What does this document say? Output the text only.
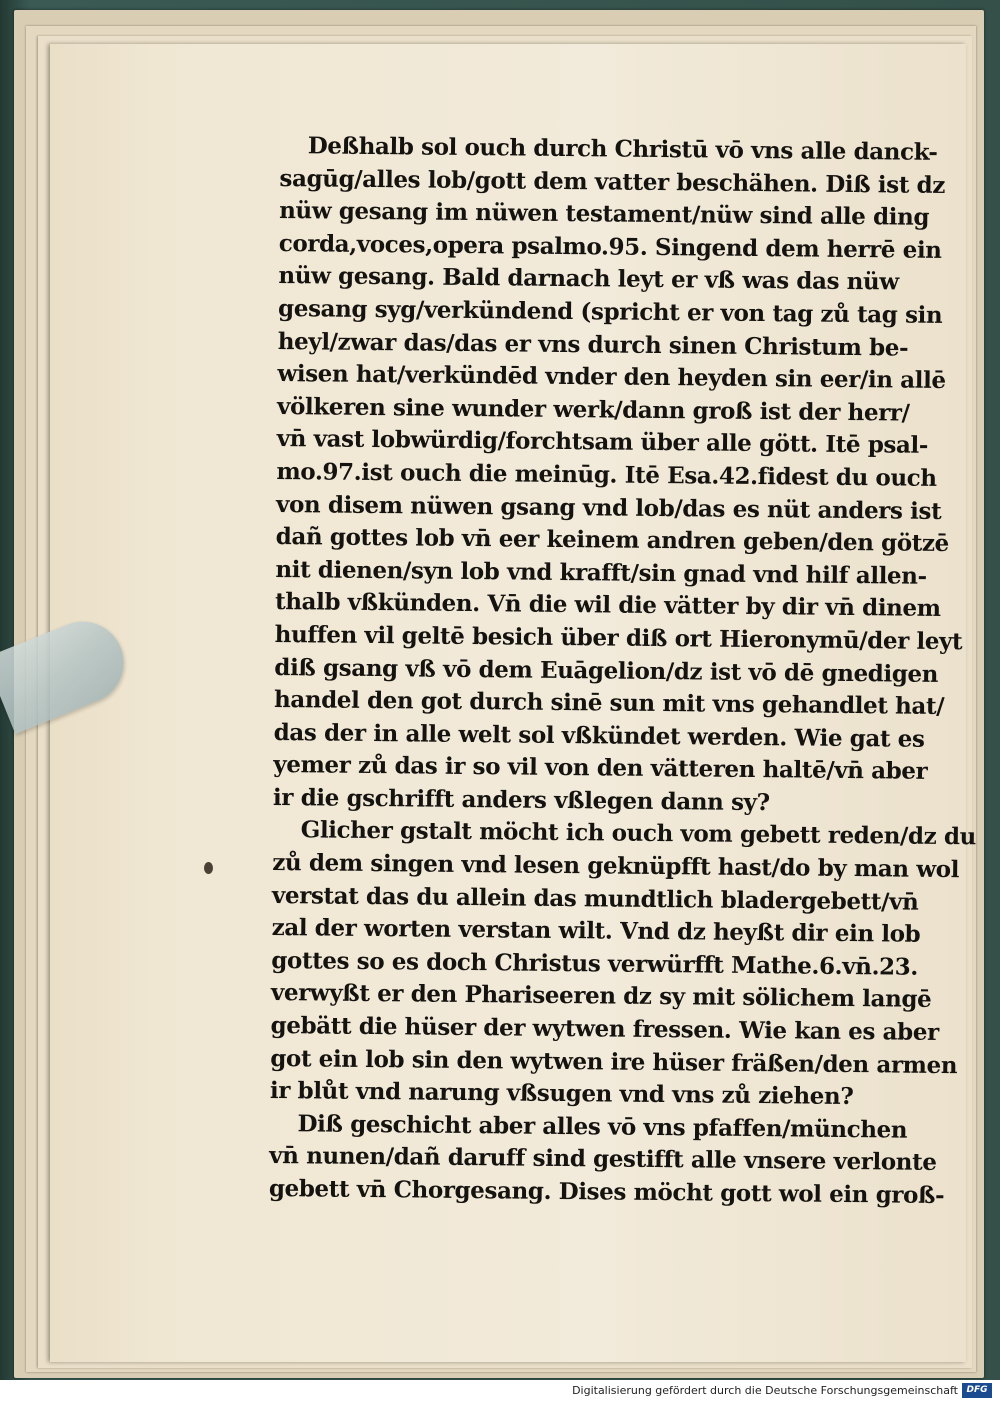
Deßhalb sol ouch durch Christū vō vns alle danck-
sagūg/alles lob/gott dem vatter beschähen. Diß ist dz
nüw gesang im nüwen testament/nüw sind alle ding
corda,voces,opera psalmo.95. Singend dem herrē ein
nüw gesang. Bald darnach leyt er vß was das nüw
gesang syg/verkündend (spricht er von tag zů tag sin
heyl/zwar das/das er vns durch sinen Christum be-
wisen hat/verkündēd vnder den heyden sin eer/in allē
völkeren sine wunder werk/dann groß ist der herr/
vn̄ vast lobwürdig/forchtsam über alle gött. Itē psal-
mo.97.ist ouch die meinūg. Itē Esa.42.fidest du ouch
von disem nüwen gsang vnd lob/das es nüt anders ist
dañ gottes lob vn̄ eer keinem andren geben/den götzē
nit dienen/syn lob vnd krafft/sin gnad vnd hilf allen-
thalb vßkünden. Vn̄ die wil die vätter by dir vn̄ dinem
huffen vil geltē besich über diß ort Hieronymū/der leyt
diß gsang vß vō dem Euāgelion/dz ist vō dē gnedigen
handel den got durch sinē sun mit vns gehandlet hat/
das der in alle welt sol vßkündet werden. Wie gat es
yemer zů das ir so vil von den vätteren haltē/vn̄ aber
ir die gschrifft anders vßlegen dann sy?
Glicher gstalt möcht ich ouch vom gebett reden/dz du
zů dem singen vnd lesen geknüpfft hast/do by man wol
verstat das du allein das mundtlich bladergebett/vn̄
zal der worten verstan wilt. Vnd dz heyßt dir ein lob
gottes so es doch Christus verwürfft Mathe.6.vn̄.23.
verwyßt er den Phariseeren dz sy mit sölichem langē
gebätt die hüser der wytwen fressen. Wie kan es aber
got ein lob sin den wytwen ire hüser fräßen/den armen
ir blůt vnd narung vßsugen vnd vns zů ziehen?
Diß geschicht aber alles vō vns pfaffen/münchen
vn̄ nunen/dañ daruff sind gestifft alle vnsere verlonte
gebett vn̄ Chorgesang. Dises möcht gott wol ein groß-
Digitalisierung gefördert durch die Deutsche Forschungsgemeinschaft DFG
